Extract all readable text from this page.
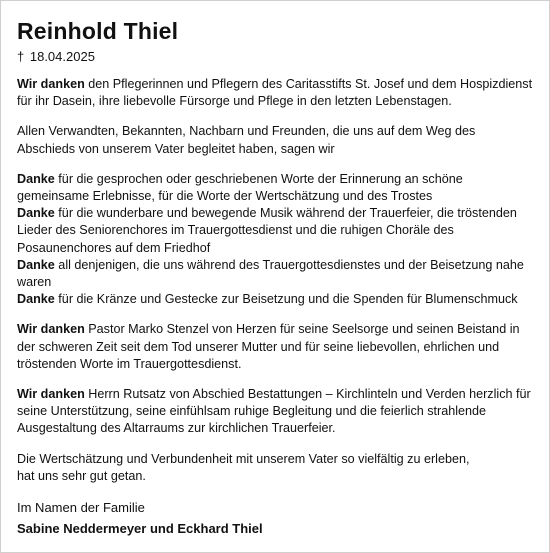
Reinhold Thiel
† 18.04.2025

Wir danken den Pflegerinnen und Pflegern des Caritasstifts St. Josef und dem Hospizdienst für ihr Dasein, ihre liebevolle Fürsorge und Pflege in den letzten Lebenstagen.

Allen Verwandten, Bekannten, Nachbarn und Freunden, die uns auf dem Weg des Abschieds von unserem Vater begleitet haben, sagen wir

Danke für die gesprochen oder geschriebenen Worte der Erinnerung an schöne gemeinsame Erlebnisse, für die Worte der Wertschätzung und des Trostes
Danke für die wunderbare und bewegende Musik während der Trauerfeier, die tröstenden Lieder des Seniorenchores im Trauergottesdienst und die ruhigen Choräle des Posaunenchores auf dem Friedhof
Danke all denjenigen, die uns während des Trauergottesdienstes und der Beisetzung nahe waren
Danke für die Kränze und Gestecke zur Beisetzung und die Spenden für Blumenschmuck

Wir danken Pastor Marko Stenzel von Herzen für seine Seelsorge und seinen Beistand in der schweren Zeit seit dem Tod unserer Mutter und für seine liebevollen, ehrlichen und tröstenden Worte im Trauergottesdienst.

Wir danken Herrn Rutsatz von Abschied Bestattungen – Kirchlinteln und Verden herzlich für seine Unterstützung, seine einfühlsam ruhige Begleitung und die feierlich strahlende Ausgestaltung des Altarraums zur kirchlichen Trauerfeier.

Die Wertschätzung und Verbundenheit mit unserem Vater so vielfältig zu erleben,
hat uns sehr gut getan.

Im Namen der Familie
Sabine Neddermeyer und Eckhard Thiel
